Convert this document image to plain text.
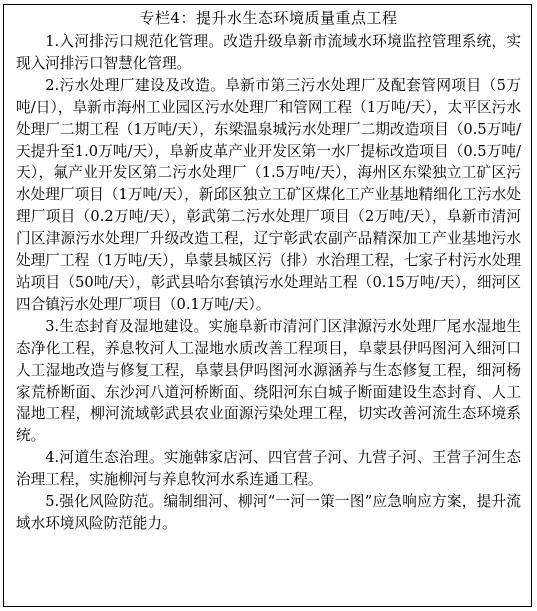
专栏4：提升水生态环境质量重点工程

1.入河排污口规范化管理。改造升级阜新市流域水环境监控管理系统，实现入河排污口智慧化管理。

2.污水处理厂建设及改造。阜新市第三污水处理厂及配套管网项目（5万吨/日），阜新市海州工业园区污水处理厂和管网工程（1万吨/天），太平区污水处理厂二期工程（1万吨/天），东梁温泉城污水处理厂二期改造项目（0.5万吨/天提升至1.0万吨/天），阜新皮革产业开发区第一水厂提标改造项目（0.5万吨/天），氟产业开发区第二污水处理厂（1.5万吨/天），海州区东梁独立工矿区污水处理厂项目（1万吨/天），新邱区独立工矿区煤化工产业基地精细化工污水处理厂项目（0.2万吨/天），彰武第二污水处理厂项目（2万吨/天），阜新市清河门区津源污水处理厂升级改造工程，辽宁彰武农副产品精深加工产业基地污水处理厂工程（1万吨/天），阜蒙县城区污（排）水治理工程，七家子村污水处理站项目（50吨/天），彰武县哈尔套镇污水处理站工程（0.15万吨/天），细河区四合镇污水处理厂项目（0.1万吨/天）。

3.生态封育及湿地建设。实施阜新市清河门区津源污水处理厂尾水湿地生态净化工程，养息牧河人工湿地水质改善工程项目，阜蒙县伊吗图河入细河口人工湿地改造与修复工程，阜蒙县伊吗图河水源涵养与生态修复工程，细河杨家荒桥断面、东沙河八道河桥断面、绕阳河东白城子断面建设生态封育、人工湿地工程，柳河流域彰武县农业面源污染处理工程，切实改善河流生态环境系统。

4.河道生态治理。实施韩家店河、四官营子河、九营子河、王营子河生态治理工程，实施柳河与养息牧河水系连通工程。

5.强化风险防范。编制细河、柳河“一河一策一图”应急响应方案，提升流域水环境风险防范能力。
